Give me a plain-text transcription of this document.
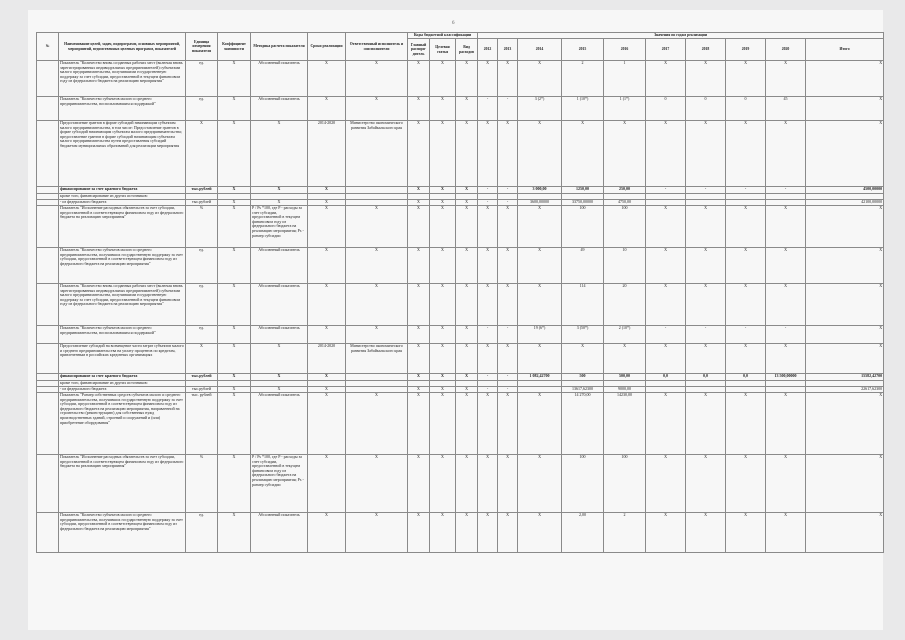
6
№	Наименование целей, задач, подпрограмм, основных мероприятий, мероприятий, ведомственных целевых программ, показателей	Единица измерения показателя	Коэффициент значимости	Методика расчета показателя	Сроки реализации	Ответственный исполнитель и соисполнители	Коды бюджетной классификации			Значения по годам реализации									
							Главный распоря-дитель	Целевая статья	Вид расходов	2012	2013	2014	2015	2016	2017	2018	2019	2020	Итого
	Показатель "Количество вновь созданных рабочих мест (включая вновь зарегистрированных индивидуальных предпринимателей) субъектами малого предпринимательства, получившими государственную поддержку за счет субсидии, предоставленной в текущем финансовом году из федерального бюджета на реализацию мероприятия"	ед.	X	Абсолютный показатель	X	X	X	X	X	X	X	X	2	1	X	X	X	X	X
	Показатель "Количество субъектов малого и среднего предпринимательства, воспользовавшихся поддержкой"	ед.	X	Абсолютный показатель	X	X	X	X	X	-	-	3 (2*)	1 (10*)	1 (1*)	0	0	0	45	X
	Предоставление грантов в форме субсидий начинающим субъектам малого предпринимательства, в том числе: Предоставление грантов в форме субсидий начинающим субъектам малого предпринимательства; предоставление грантов в форме субсидий начинающим субъектам малого предпринимательства путем предоставления субсидий бюджетам муниципальных образований для реализации мероприятия	X	X	X	2014-2020	Министерство экономического развития Забайкальского края	X	X	X	X	X	X	X	X	X	X	X	X	X
	финансирование за счет краевого бюджета	тыс.рублей	X	X	X		X	X	X	-	-	3 000,00	1250,00	250,00	-	-	-	-	4500,00000
	кроме того, финансирование из других источников:																		
	- из федерального бюджета	тыс.рублей	X	X	X		X	X	X	-	-	3600,00000	33750,00000	4750,00					42100,00000
	Показатель "Исполнение расходных обязательств за счет субсидии, предоставленной в соответствующем финансовом году из федерального бюджета на реализацию мероприятия"	%	X	P / Рs *100, где P - расходы за счет субсидии, предоставленной в текущем финансовом году из федерального бюджета на реализацию мероприятия; Рs - размер субсидии	X	X	X	X	X	X	X	X	100	100	X	X	X	X	X
	Показатель "Количество субъектов малого и среднего предпринимательства, получивших государственную поддержку за счет субсидии, предоставленной в соответствующем финансовом году из федерального бюджета на реализацию мероприятия"	ед.	X	Абсолютный показатель	X	X	X	X	X	X	X	X	49	10	X	X	X	X	X
	Показатель "Количество вновь созданных рабочих мест (включая вновь зарегистрированных индивидуальных предпринимателей) субъектами малого предпринимательства, получившими государственную поддержку за счет субсидии, предоставленной в текущем финансовом году из федерального бюджета на реализацию мероприятия"	ед.	X	Абсолютный показатель	X	X	X	X	X	X	X	X	114	20	X	X	X	X	X
	Показатель "Количество субъектов малого и среднего предпринимательства, воспользовавшихся поддержкой"	ед.	X	Абсолютный показатель	X	X	X	X	X	-	-	19 (6*)	3 (50*)	2 (10*)	-	-	-	-	X
	Предоставление субсидий на возмещение части затрат субъектов малого и среднего предпринимательства на уплату процентов по кредитам, привлеченным в российских кредитных организациях	X	X	X	2014-2020	Министерство экономического развития Забайкальского края	X	X	X	X	X	X	X	X	X	X	X	X	X
	финансирование за счет краевого бюджета	тыс.рублей	X	X	X		X	X	X	-	-	1 082,42700	500	500,00	0,0	0,0	0,0	13 500,00000	15582,42700
	кроме того, финансирование из других источников:																		
	- из федерального бюджета	тыс.рублей	X	X	X		X	X	X	-	-		13617,62300	9000,00					22617,62300
	Показатель "Размер собственных средств субъектов малого и среднего предпринимательства, получивших государственную поддержку за счет субсидии, предоставленной в соответствующем финансовом году из федерального бюджета на реализацию мероприятия, направленной на строительство (реконструкцию) для собственных нужд производственных зданий, строений и сооружений и (или) приобретение оборудования"	тыс. рублей	X	Абсолютный показатель	X	X	X	X	X	X	X	X	14 270,00	14230,00	X	X	X	X	X
	Показатель "Исполнение расходных обязательств за счет субсидии, предоставленной в соответствующем финансовом году из федерального бюджета на реализацию мероприятия"	%	X	P / Рs *100, где P - расходы за счет субсидии, предоставленной в текущем финансовом году из федерального бюджета на реализацию мероприятия; Рs - размер субсидии	X	X	X	X	X	X	X	X	100	100	X	X	X	X	X
	Показатель "Количество субъектов малого и среднего предпринимательства, получивших государственную поддержку за счет субсидии, предоставленной в соответствующем финансовом году из федерального бюджета на реализацию мероприятия"	ед.	X	Абсолютный показатель	X	X	X	X	X	X	X	X	2,00	2	X	X	X	X	X
